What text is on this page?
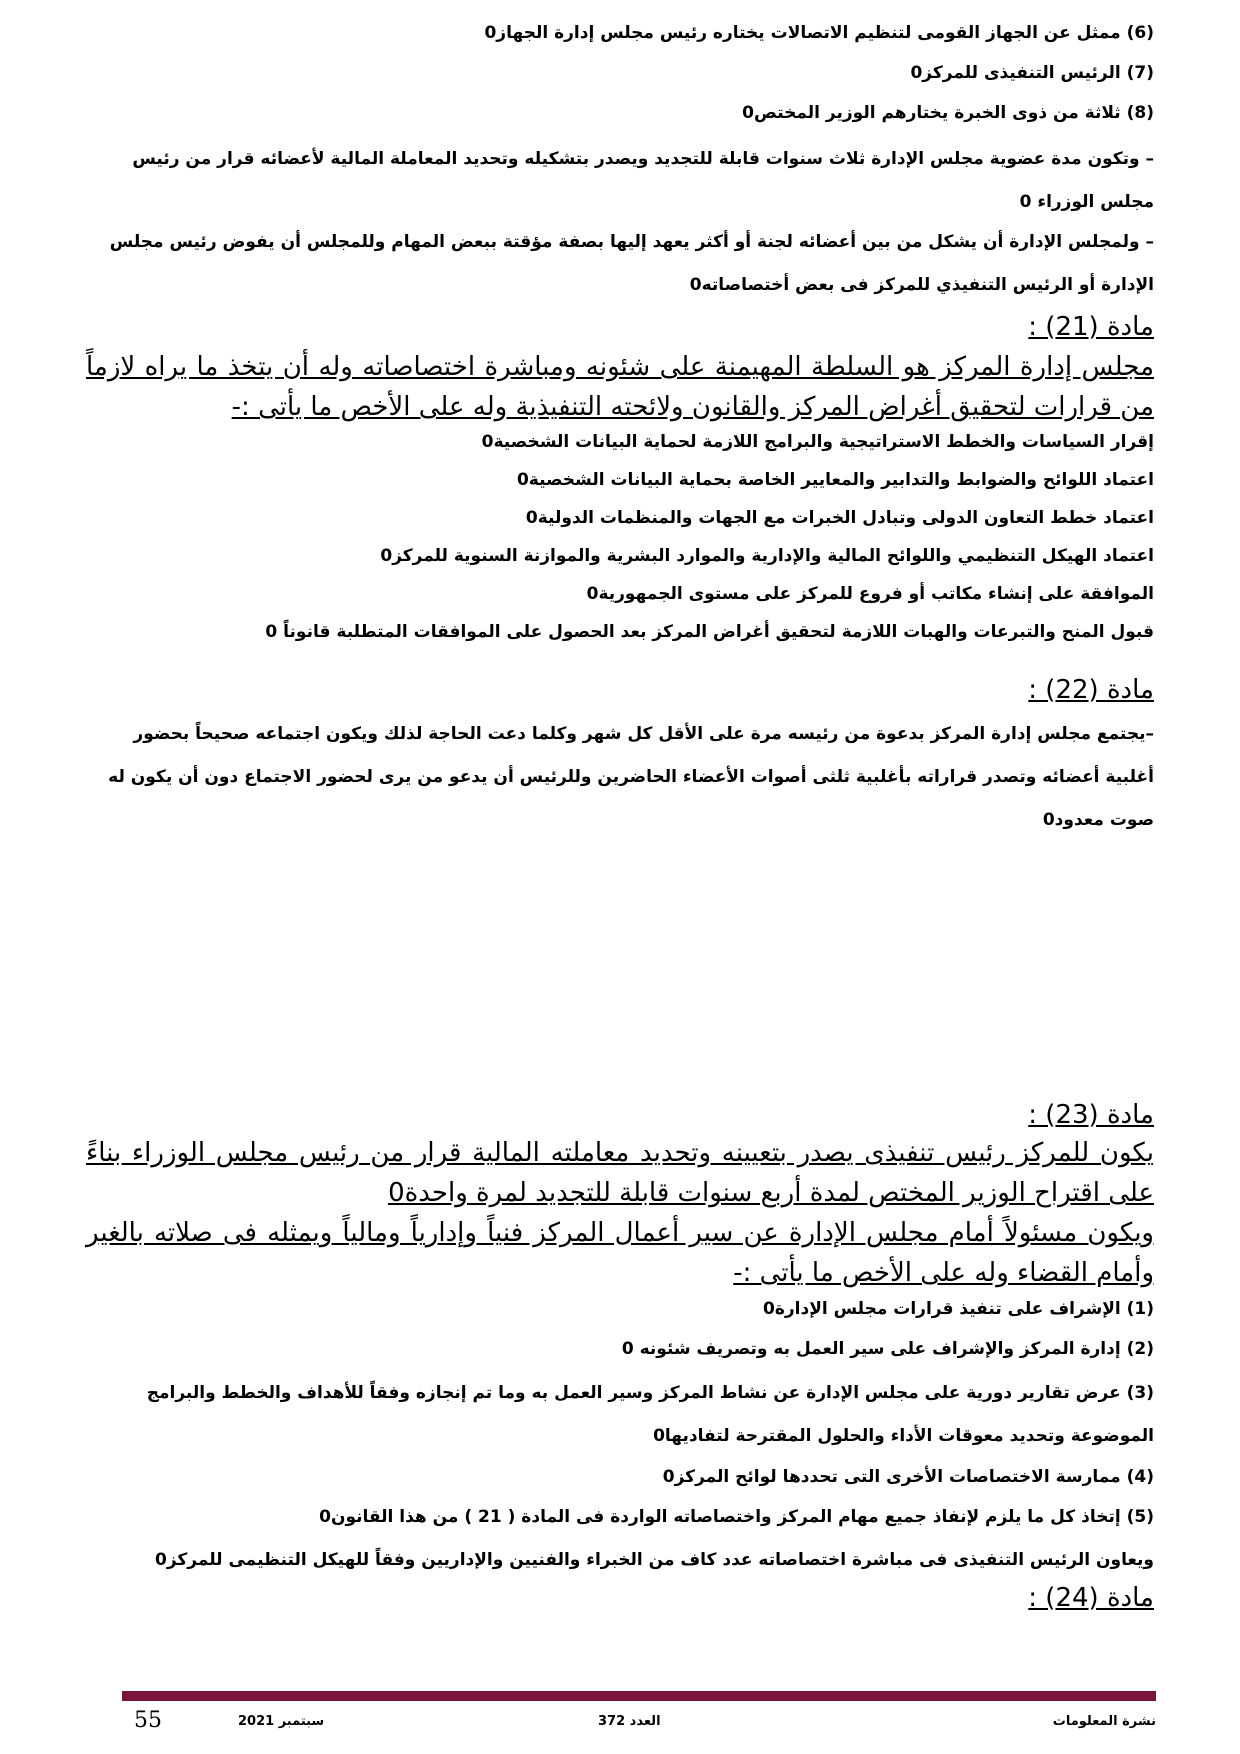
(6) ممثل عن الجهاز القومى لتنظيم الاتصالات يختاره رئيس مجلس إدارة الجهاز0
(7) الرئيس التنفيذى للمركز0
(8) ثلاثة من ذوى الخبرة يختارهم الوزير المختص0
– وتكون مدة عضوية مجلس الإدارة ثلاث سنوات قابلة للتجديد ويصدر بتشكيله وتحديد المعاملة المالية لأعضائه قرار من رئيس مجلس الوزراء 0
– ولمجلس الإدارة أن يشكل من بين أعضائه لجنة أو أكثر يعهد إليها بصفة مؤقتة ببعض المهام وللمجلس أن يفوض رئيس مجلس الإدارة أو الرئيس التنفيذي للمركز فى بعض أختصاصاته0
مادة (21) :
مجلس إدارة المركز هو السلطة المهيمنة على شئونه ومباشرة اختصاصاته وله أن يتخذ ما يراه لازماً من قرارات لتحقيق أغراض المركز والقانون ولائحته التنفيذية وله على الأخص ما يأتى :-
إقرار السياسات والخطط الاستراتيجية والبرامج اللازمة لحماية البيانات الشخصية0
اعتماد اللوائح والضوابط والتدابير والمعايير الخاصة بحماية البيانات الشخصية0
اعتماد خطط التعاون الدولى وتبادل الخبرات مع الجهات والمنظمات الدولية0
اعتماد الهيكل التنظيمي واللوائح المالية والإدارية والموارد البشرية والموازنة السنوية للمركز0
الموافقة على إنشاء مكاتب أو فروع للمركز على مستوى الجمهورية0
قبول المنح والتبرعات والهبات اللازمة لتحقيق أغراض المركز بعد الحصول على الموافقات المتطلبة قانوناً 0
مادة (22) :
–يجتمع مجلس إدارة المركز بدعوة من رئيسه مرة على الأقل كل شهر وكلما دعت الحاجة لذلك ويكون اجتماعه صحيحاً بحضور أغلبية أعضائه وتصدر قراراته بأغلبية ثلثى أصوات الأعضاء الحاضرين وللرئيس أن يدعو من يرى لحضور الاجتماع دون أن يكون له صوت معدود0
مادة (23) :
يكون للمركز رئيس تنفيذى يصدر بتعيينه وتحديد معاملته المالية قرار من رئيس مجلس الوزراء بناءً على اقتراح الوزير المختص لمدة أربع سنوات قابلة للتجديد لمرة واحدة0
ويكون مسئولاً أمام مجلس الإدارة عن سير أعمال المركز فنياً وإدارياً ومالياً ويمثله فى صلاته بالغير وأمام القضاء وله على الأخص ما يأتى :-
(1) الإشراف على تنفيذ قرارات مجلس الإدارة0
(2) إدارة المركز والإشراف على سير العمل به وتصريف شئونه 0
(3) عرض تقارير دورية على مجلس الإدارة عن نشاط المركز وسير العمل به وما تم إنجازه وفقاً للأهداف والخطط والبرامج الموضوعة وتحديد معوقات الأداء والحلول المقترحة لتفاديها0
(4) ممارسة الاختصاصات الأخرى التى تحددها لوائح المركز0
(5) إتخاذ كل ما يلزم لإنفاذ جميع مهام المركز واختصاصاته الواردة فى المادة ( 21 ) من هذا القانون0
ويعاون الرئيس التنفيذى فى مباشرة اختصاصاته عدد كاف من الخبراء والفنيين والإداريين وفقاً للهيكل التنظيمى للمركز0
مادة (24) :
55	سبتمبر 2021	العدد 372	نشرة المعلومات
